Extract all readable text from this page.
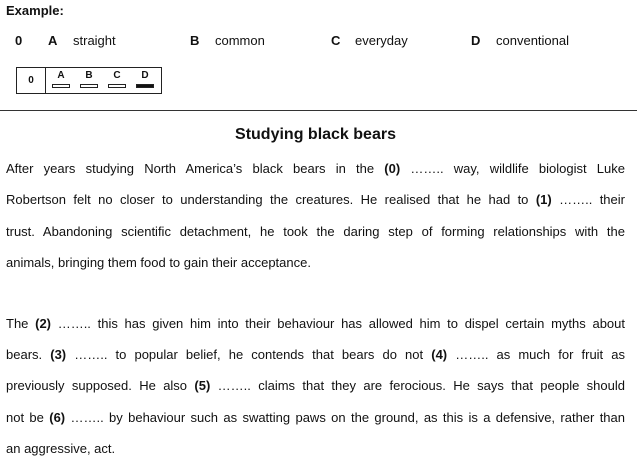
Example:
0 A straight	B common	C everyday	D conventional
0	A	B	C	D
Studying black bears
After years studying North America’s black bears in the (0) …….. way, wildlife biologist Luke
Robertson felt no closer to understanding the creatures. He realised that he had to (1) …….. their
trust. Abandoning scientific detachment, he took the daring step of forming relationships with the
animals, bringing them food to gain their acceptance.
The (2) …….. this has given him into their behaviour has allowed him to dispel certain myths about
bears. (3) …….. to popular belief, he contends that bears do not (4) …….. as much for fruit as
previously supposed. He also (5) …….. claims that they are ferocious. He says that people should
not be (6) …….. by behaviour such as swatting paws on the ground, as this is a defensive, rather than
an aggressive, act.
